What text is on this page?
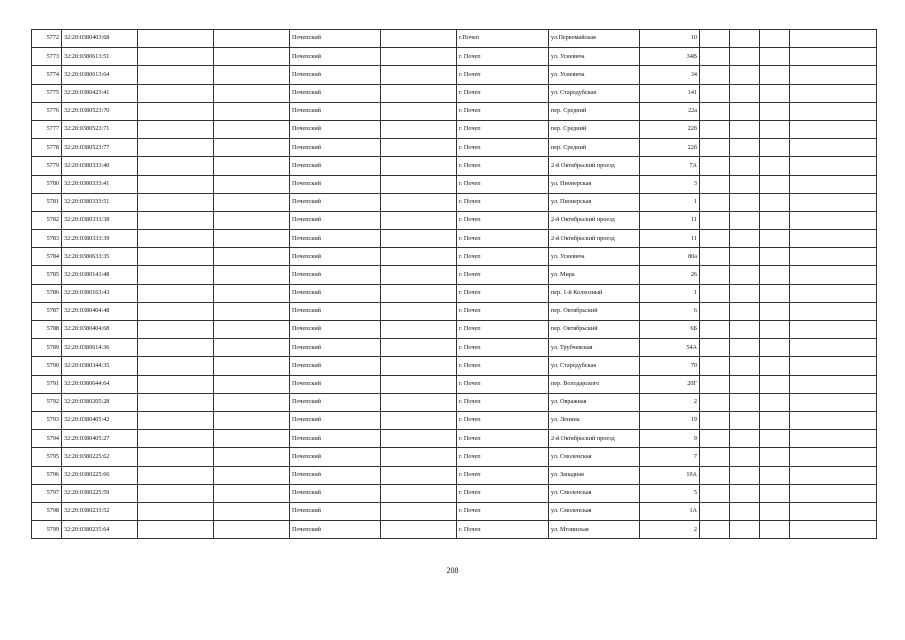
5772	32:20:0380403:68			Почепский		г.Почеп	ул.Первомайская	10				
5773	32:20:0380613:51			Почепский		г. Почеп	ул. Усиевича	34В				
5774	32:20:0380613:64			Почепский		г. Почеп	ул. Усиевича	34				
5775	32:20:0380423:41			Почепский		г. Почеп	ул. Стародубская	141				
5776	32:20:0380523:70			Почепский		г. Почеп	пер. Средний	22а				
5777	32:20:0380523:71			Почепский		г. Почеп	пер. Средний	22б				
5778	32:20:0380523:77			Почепский		г. Почеп	пер. Средний	22б				
5779	32:20:0380333:40			Почепский		г. Почеп	2-й Октябрьский проезд	7А				
5780	32:20:0380333:41			Почепский		г. Почеп	ул. Пионерская	3				
5781	32:20:0380333:51			Почепский		г. Почеп	ул. Пионерская	1				
5782	32:20:0380333:38			Почепский		г. Почеп	2-й Октябрьский проезд	11				
5783	32:20:0380333:39			Почепский		г. Почеп	2-й Октябрьский проезд	11				
5784	32:20:0380633:35			Почепский		г. Почеп	ул. Усиевича	80а				
5785	32:20:0380143:48			Почепский		г. Почеп	ул. Мира	26				
5786	32:20:0380163:43			Почепский		г. Почеп	пер. 1-й Колхозный	1				
5787	32:20:0380404:48			Почепский		г. Почеп	пер. Октябрьский	6				
5788	32:20:0380404:68			Почепский		г. Почеп	пер. Октябрьский	6Б				
5789	32:20:0380614:36			Почепский		г. Почеп	ул. Трубчевская	54А				
5790	32:20:0380344:35			Почепский		г. Почеп	ул. Стародубская	70				
5791	32:20:0380644:64			Почепский		г. Почеп	пер. Володарского	20Г				
5792	32:20:0380205:28			Почепский		г. Почеп	ул. Овражная	2				
5793	32:20:0380405:42			Почепский		г. Почеп	ул. Ленина	19				
5794	32:20:0380405:27			Почепский		г. Почеп	2-й Октябрьский проезд	9				
5795	32:20:0380225:62			Почепский		г. Почеп	ул. Смоленская	7				
5796	32:20:0380225:66			Почепский		г. Почеп	ул. Западная	10А				
5797	32:20:0380225:59			Почепский		г. Почеп	ул. Смоленская	5				
5798	32:20:0380233:52			Почепский		г. Почеп	ул. Смоленская	1А				
5799	32:20:0380235:64			Почепский		г. Почеп	ул. Мглинская	2				
208
